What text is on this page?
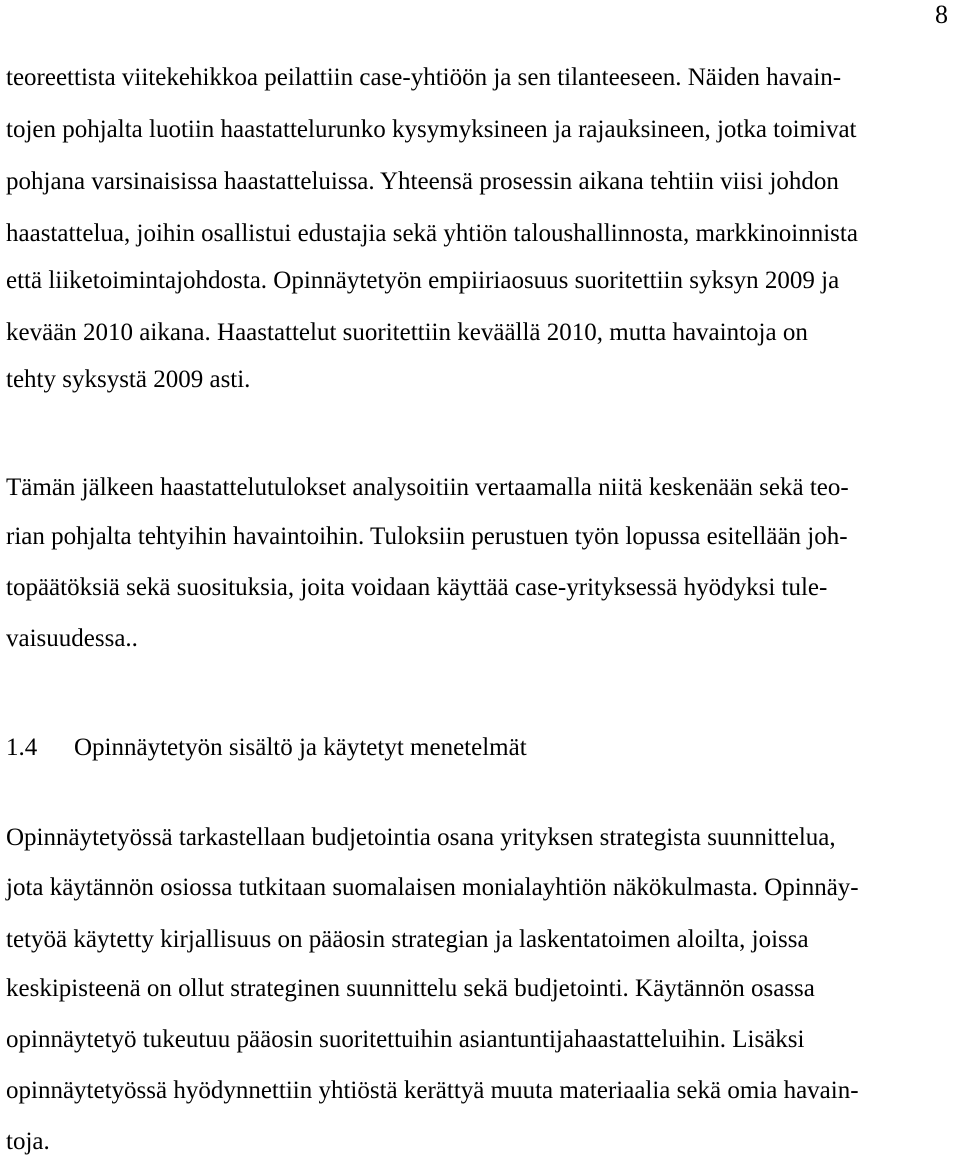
8
teoreettista viitekehikkoa peilattiin case-yhtiöön ja sen tilanteeseen. Näiden havain-
tojen pohjalta luotiin haastattelurunko kysymyksineen ja rajauksineen, jotka toimivat
pohjana varsinaisissa haastatteluissa. Yhteensä prosessin aikana tehtiin viisi johdon
haastattelua, joihin osallistui edustajia sekä yhtiön taloushallinnosta, markkinoinnista
että liiketoimintajohdosta. Opinnäytetyön empiiriaosuus suoritettiin syksyn 2009 ja
kevään 2010 aikana. Haastattelut suoritettiin keväällä 2010, mutta havaintoja on
tehty syksystä 2009 asti.
Tämän jälkeen haastattelutulokset analysoitiin vertaamalla niitä keskenään sekä teo-
rian pohjalta tehtyihin havaintoihin. Tuloksiin perustuen työn lopussa esitellään joh-
topäätöksiä sekä suosituksia, joita voidaan käyttää case-yrityksessä hyödyksi tule-
vaisuudessa..
1.4 Opinnäytetyön sisältö ja käytetyt menetelmät
Opinnäytetyössä tarkastellaan budjetointia osana yrityksen strategista suunnittelua,
jota käytännön osiossa tutkitaan suomalaisen monialayhtiön näkökulmasta. Opinnäy-
tetyöä käytetty kirjallisuus on pääosin strategian ja laskentatoimen aloilta, joissa
keskipisteenä on ollut strateginen suunnittelu sekä budjetointi. Käytännön osassa
opinnäytetyö tukeutuu pääosin suoritettuihin asiantuntijahaastatteluihin. Lisäksi
opinnäytetyössä hyödynnettiin yhtiöstä kerättyä muuta materiaalia sekä omia havain-
toja.
